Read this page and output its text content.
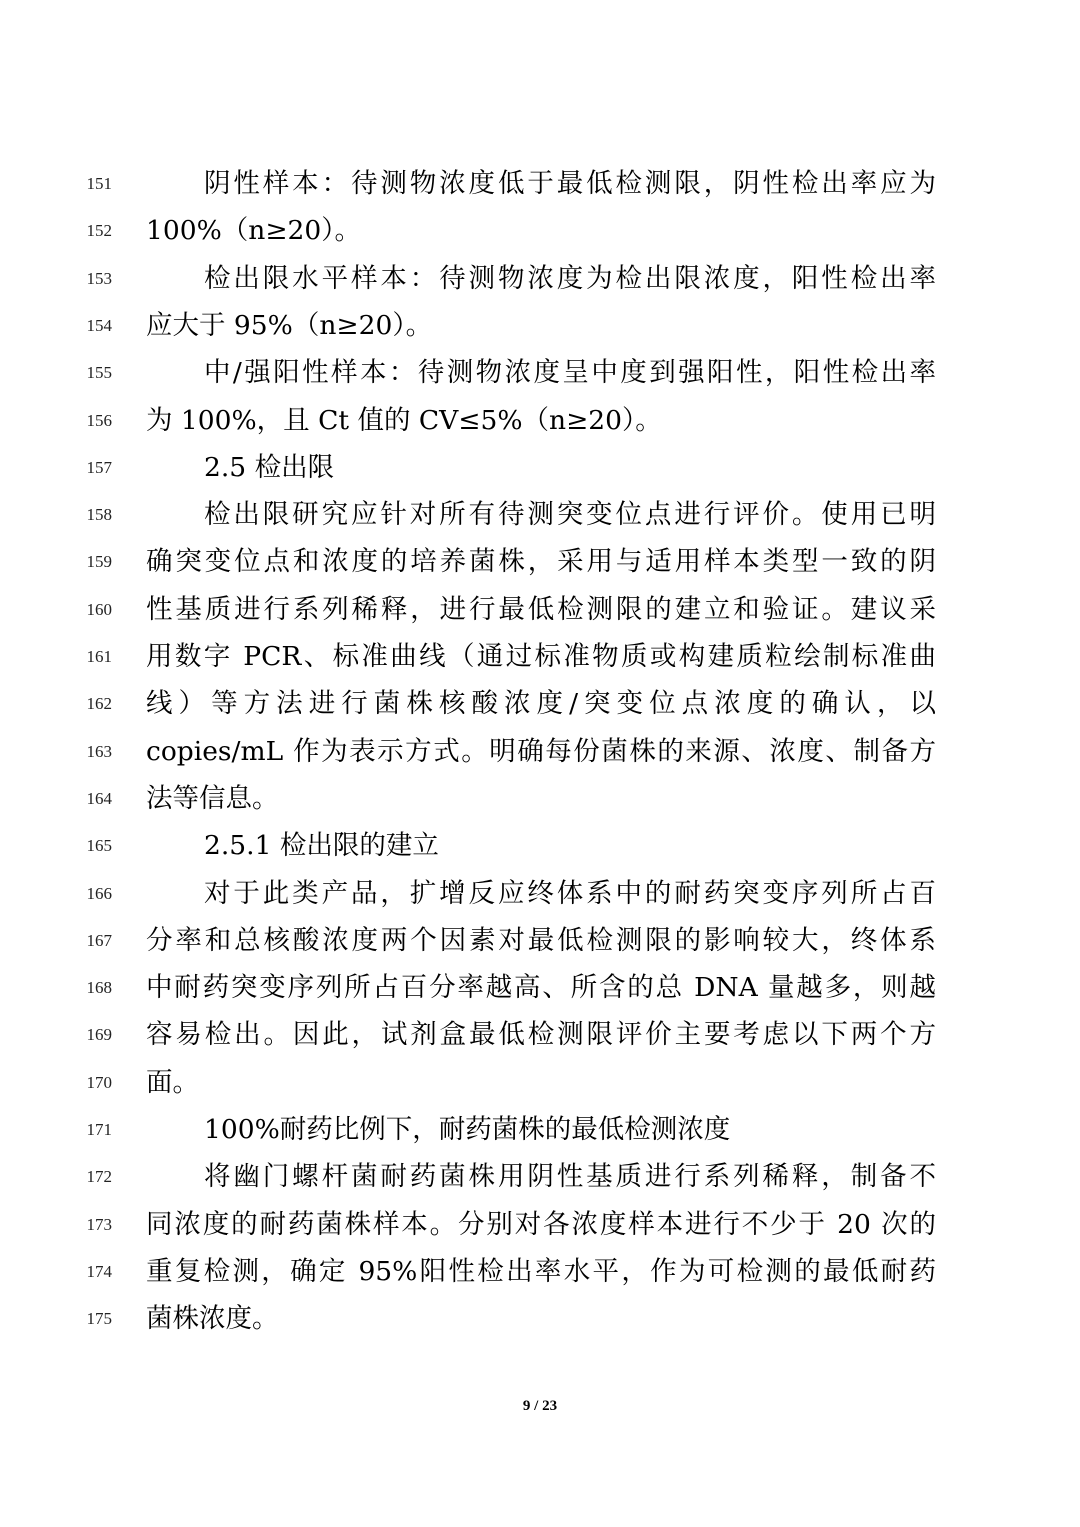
151	阴性样本：待测物浓度低于最低检测限，阴性检出率应为
152 100%（n≥20）。
153	检出限水平样本：待测物浓度为检出限浓度，阳性检出率
154 应大于 95%（n≥20）。
155	中/强阳性样本：待测物浓度呈中度到强阳性，阳性检出率
156 为 100%，且 Ct 值的 CV≤5%（n≥20）。
157	2.5 检出限
158	检出限研究应针对所有待测突变位点进行评价。使用已明
159 确突变位点和浓度的培养菌株，采用与适用样本类型一致的阴
160 性基质进行系列稀释，进行最低检测限的建立和验证。建议采
161 用数字 PCR、标准曲线（通过标准物质或构建质粒绘制标准曲
162 线）等方法进行菌株核酸浓度/突变位点浓度的确认，以
163 copies/mL 作为表示方式。明确每份菌株的来源、浓度、制备方
164 法等信息。
165	2.5.1 检出限的建立
166	对于此类产品，扩增反应终体系中的耐药突变序列所占百
167 分率和总核酸浓度两个因素对最低检测限的影响较大，终体系
168 中耐药突变序列所占百分率越高、所含的总 DNA 量越多，则越
169 容易检出。因此，试剂盒最低检测限评价主要考虑以下两个方
170 面。
171	100%耐药比例下，耐药菌株的最低检测浓度
172	将幽门螺杆菌耐药菌株用阴性基质进行系列稀释，制备不
173 同浓度的耐药菌株样本。分别对各浓度样本进行不少于 20 次的
174 重复检测，确定 95%阳性检出率水平，作为可检测的最低耐药
175 菌株浓度。
9 / 23
